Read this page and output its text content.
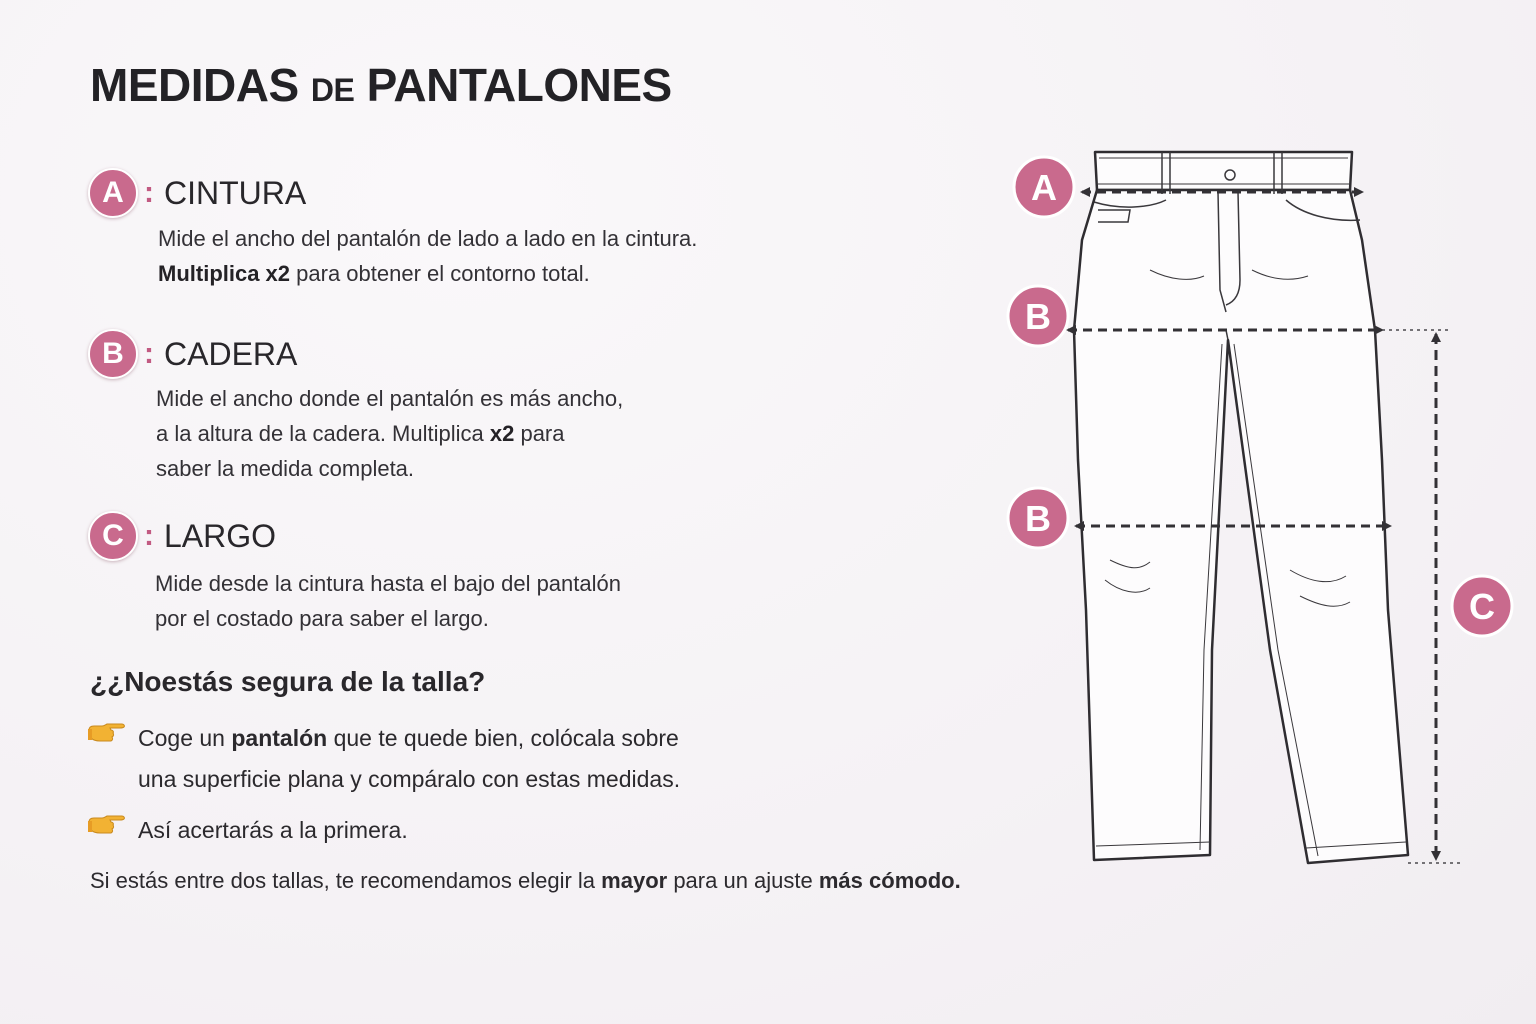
MEDIDAS DE PANTALONES
A : CINTURA
Mide el ancho del pantalón de lado a lado en la cintura.
Multiplica x2 para obtener el contorno total.
B : CADERA
Mide el ancho donde el pantalón es más ancho,
a la altura de la cadera. Multiplica x2 para
saber la medida completa.
C : LARGO
Mide desde la cintura hasta el bajo del pantalón
por el costado para saber el largo.
¿¿Noestás segura de la talla?
Coge un pantalón que te quede bien, colócala sobre
una superficie plana y compáralo con estas medidas.
Así acertarás a la primera.
Si estás entre dos tallas, te recomendamos elegir la mayor para un ajuste más cómodo.
A
B
B
C
